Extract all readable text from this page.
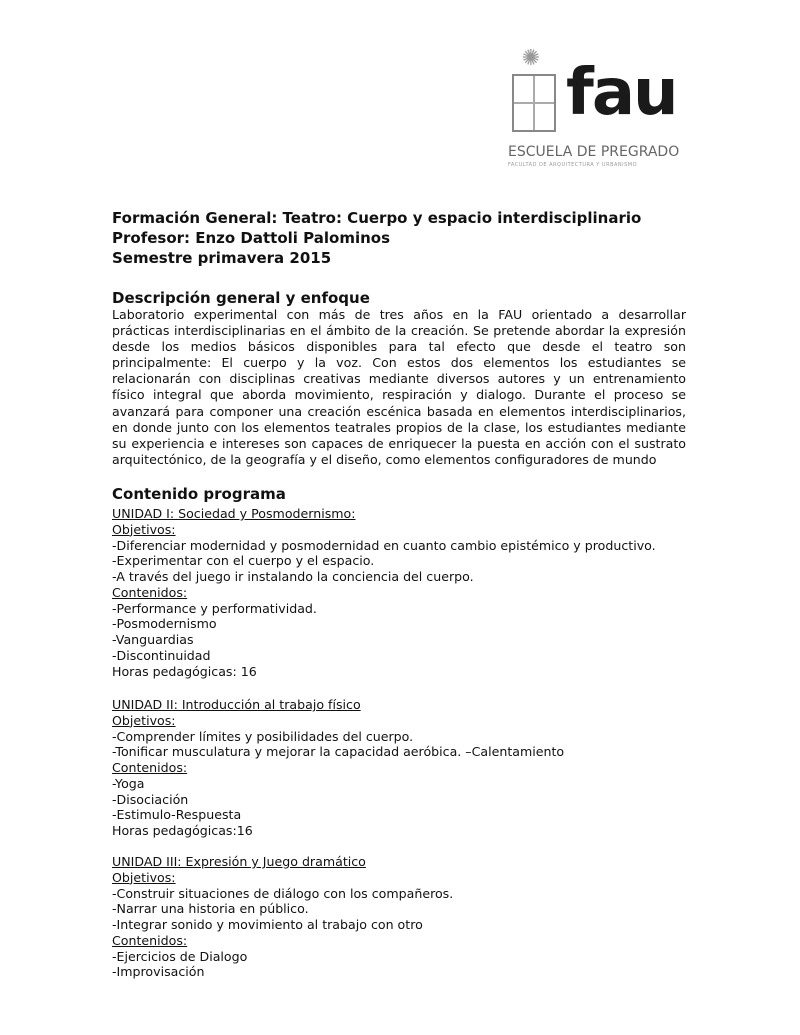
✺ fau
ESCUELA DE PREGRADO
FACULTAD DE ARQUITECTURA Y URBANISMO
Formación General: Teatro: Cuerpo y espacio interdisciplinario
Profesor: Enzo Dattoli Palominos
Semestre primavera 2015
Descripción general y enfoque
Laboratorio experimental con más de tres años en la FAU orientado a desarrollar
prácticas interdisciplinarias en el ámbito de la creación. Se pretende abordar la expresión
desde los medios básicos disponibles para tal efecto que desde el teatro son
principalmente: El cuerpo y la voz. Con estos dos elementos los estudiantes se
relacionarán con disciplinas creativas mediante diversos autores y un entrenamiento
físico integral que aborda movimiento, respiración y dialogo. Durante el proceso se
avanzará para componer una creación escénica basada en elementos interdisciplinarios,
en donde junto con los elementos teatrales propios de la clase, los estudiantes mediante
su experiencia e intereses son capaces de enriquecer la puesta en acción con el sustrato
arquitectónico, de la geografía y el diseño, como elementos configuradores de mundo
Contenido programa
UNIDAD I: Sociedad y Posmodernismo:
Objetivos:
-Diferenciar modernidad y posmodernidad en cuanto cambio epistémico y productivo.
-Experimentar con el cuerpo y el espacio.
-A través del juego ir instalando la conciencia del cuerpo.
Contenidos:
-Performance y performatividad.
-Posmodernismo
-Vanguardias
-Discontinuidad
Horas pedagógicas: 16
UNIDAD II: Introducción al trabajo físico
Objetivos:
-Comprender límites y posibilidades del cuerpo.
-Tonificar musculatura y mejorar la capacidad aeróbica. –Calentamiento
Contenidos:
-Yoga
-Disociación
-Estimulo-Respuesta
Horas pedagógicas:16
UNIDAD III: Expresión y Juego dramático
Objetivos:
-Construir situaciones de diálogo con los compañeros.
-Narrar una historia en público.
-Integrar sonido y movimiento al trabajo con otro
Contenidos:
-Ejercicios de Dialogo
-Improvisación
